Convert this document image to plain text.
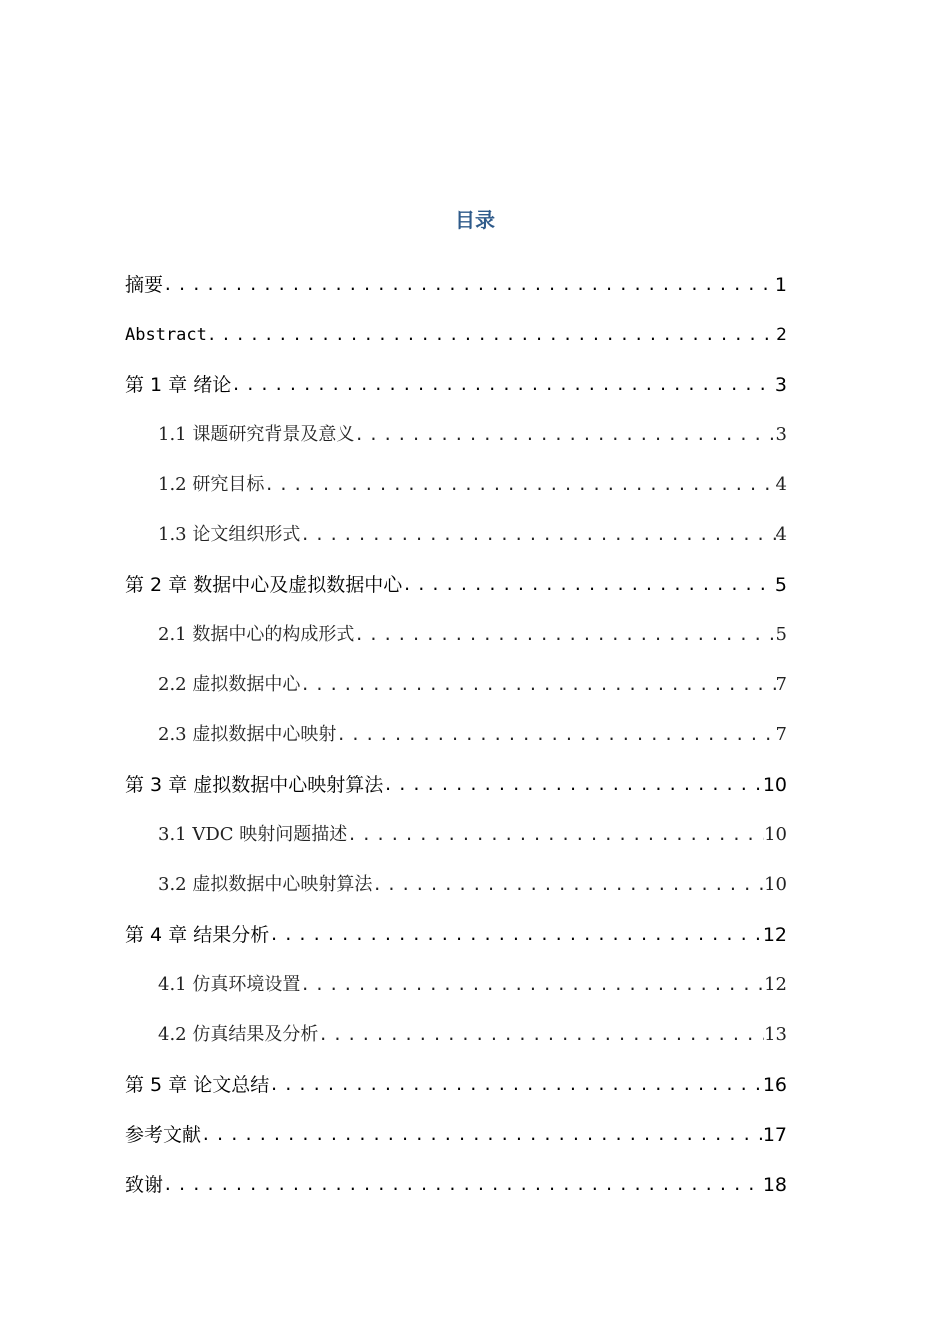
目录
摘要 .....	1
Abstract .....	2
第 1 章 绪论 .....	3
1.1 课题研究背景及意义 .....	3
1.2 研究目标 .....	4
1.3 论文组织形式 .....	4
第 2 章 数据中心及虚拟数据中心 .....	5
2.1 数据中心的构成形式 .....	5
2.2 虚拟数据中心 .....	7
2.3 虚拟数据中心映射 .....	7
第 3 章 虚拟数据中心映射算法 .....	10
3.1 VDC 映射问题描述 .....	10
3.2 虚拟数据中心映射算法 .....	10
第 4 章 结果分析 .....	12
4.1 仿真环境设置 .....	12
4.2 仿真结果及分析 .....	13
第 5 章 论文总结 .....	16
参考文献 .....	17
致谢 .....	18
